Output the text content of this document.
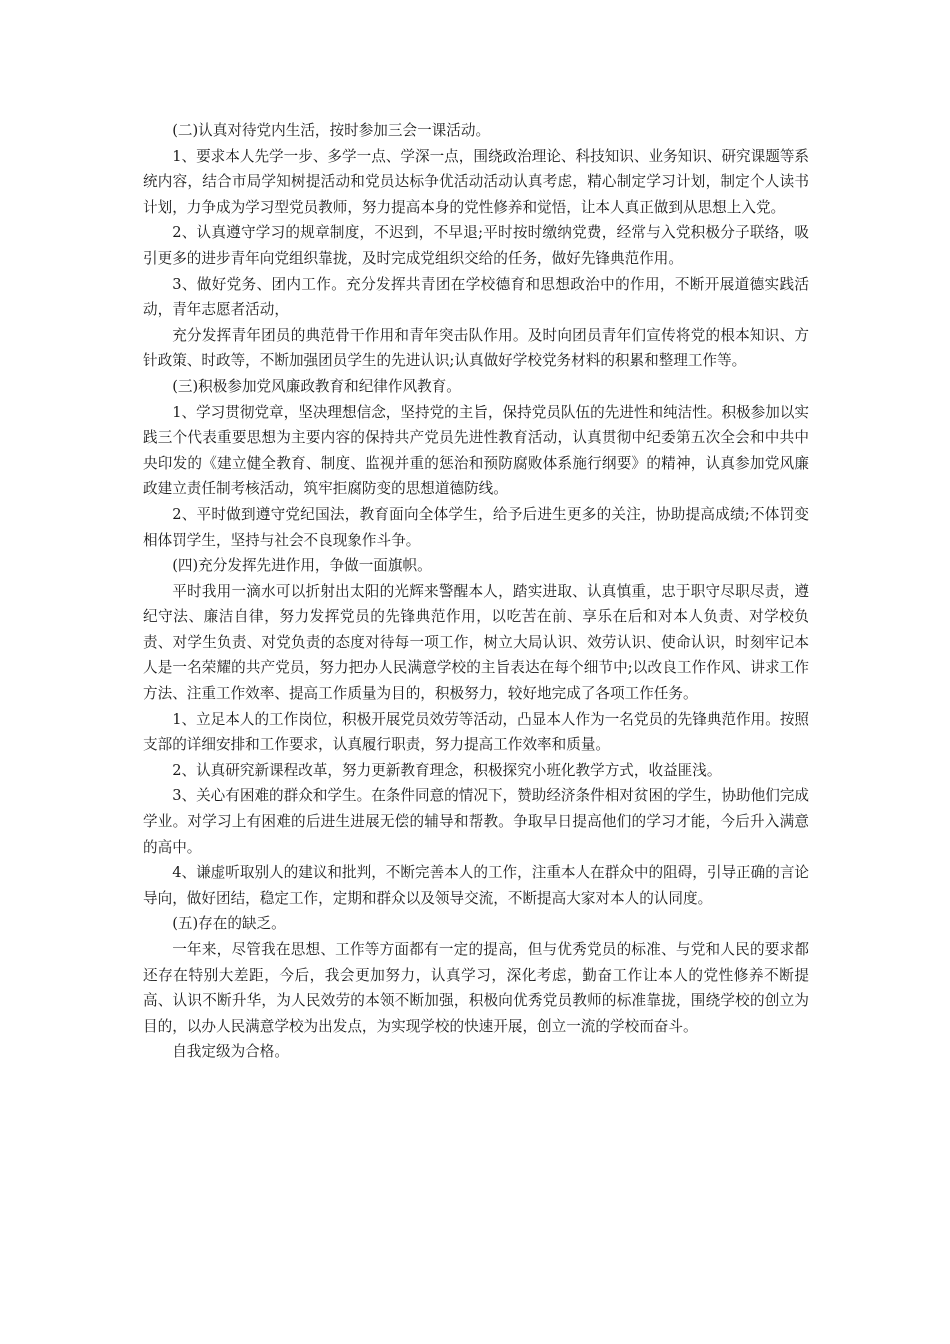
(二)认真对待党内生活，按时参加三会一课活动。

1、要求本人先学一步、多学一点、学深一点，围绕政治理论、科技知识、业务知识、研究课题等系统内容，结合市局学知树提活动和党员达标争优活动活动认真考虑，精心制定学习计划，制定个人读书计划，力争成为学习型党员教师，努力提高本身的党性修养和觉悟，让本人真正做到从思想上入党。

2、认真遵守学习的规章制度，不迟到，不早退;平时按时缴纳党费，经常与入党积极分子联络，吸引更多的进步青年向党组织靠拢，及时完成党组织交给的任务，做好先锋典范作用。

3、做好党务、团内工作。充分发挥共青团在学校德育和思想政治中的作用，不断开展道德实践活动，青年志愿者活动，

充分发挥青年团员的典范骨干作用和青年突击队作用。及时向团员青年们宣传将党的根本知识、方针政策、时政等，不断加强团员学生的先进认识;认真做好学校党务材料的积累和整理工作等。

(三)积极参加党风廉政教育和纪律作风教育。

1、学习贯彻党章，坚决理想信念，坚持党的主旨，保持党员队伍的先进性和纯洁性。积极参加以实践三个代表重要思想为主要内容的保持共产党员先进性教育活动，认真贯彻中纪委第五次全会和中共中央印发的《建立健全教育、制度、监视并重的惩治和预防腐败体系施行纲要》的精神，认真参加党风廉政建立责任制考核活动，筑牢拒腐防变的思想道德防线。

2、平时做到遵守党纪国法，教育面向全体学生，给予后进生更多的关注，协助提高成绩;不体罚变相体罚学生，坚持与社会不良现象作斗争。

(四)充分发挥先进作用，争做一面旗帜。

平时我用一滴水可以折射出太阳的光辉来警醒本人，踏实进取、认真慎重，忠于职守尽职尽责，遵纪守法、廉洁自律，努力发挥党员的先锋典范作用，以吃苦在前、享乐在后和对本人负责、对学校负责、对学生负责、对党负责的态度对待每一项工作，树立大局认识、效劳认识、使命认识，时刻牢记本人是一名荣耀的共产党员，努力把办人民满意学校的主旨表达在每个细节中;以改良工作作风、讲求工作方法、注重工作效率、提高工作质量为目的，积极努力，较好地完成了各项工作任务。

1、立足本人的工作岗位，积极开展党员效劳等活动，凸显本人作为一名党员的先锋典范作用。按照支部的详细安排和工作要求，认真履行职责，努力提高工作效率和质量。

2、认真研究新课程改革，努力更新教育理念，积极探究小班化教学方式，收益匪浅。

3、关心有困难的群众和学生。在条件同意的情况下，赞助经济条件相对贫困的学生，协助他们完成学业。对学习上有困难的后进生进展无偿的辅导和帮教。争取早日提高他们的学习才能，今后升入满意的高中。

4、谦虚听取别人的建议和批判，不断完善本人的工作，注重本人在群众中的阻碍，引导正确的言论导向，做好团结，稳定工作，定期和群众以及领导交流，不断提高大家对本人的认同度。

(五)存在的缺乏。

一年来，尽管我在思想、工作等方面都有一定的提高，但与优秀党员的标准、与党和人民的要求都还存在特别大差距，今后，我会更加努力，认真学习，深化考虑，勤奋工作让本人的党性修养不断提高、认识不断升华，为人民效劳的本领不断加强，积极向优秀党员教师的标准靠拢，围绕学校的创立为目的，以办人民满意学校为出发点，为实现学校的快速开展，创立一流的学校而奋斗。

自我定级为合格。
